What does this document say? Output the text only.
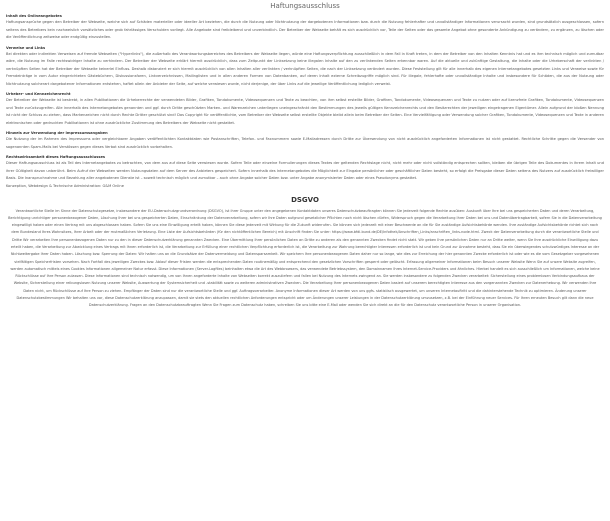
Haftungsausschluss
Inhalt des Onlineangebotes
Haftungsansprüche gegen den Betreiber der Webseite, welche sich auf Schäden materieller oder ideeller Art beziehen, die durch die Nutzung oder Nichtnutzung der dargebotenen Informationen bzw. durch die Nutzung fehlerhafter und unvollständiger Informationen verursacht wurden, sind grundsätzlich ausgeschlossen, sofern seitens des Betreibers kein nachweislich vorsätzliches oder grob fahrlässiges Verschulden vorliegt. Alle Angebote sind freibleibend und unverbindlich. Der Betreiber der Webseite behält es sich ausdrücklich vor, Teile der Seiten oder das gesamte Angebot ohne gesonderte Ankündigung zu verändern, zu ergänzen, zu löschen oder die Veröffentlichung zeitweise oder endgültig einzustellen.
Verweise und Links
Bei direkten oder indirekten Verweisen auf fremde Webseiten ("Hyperlinks"), die außerhalb des Verantwortungsbereiches des Betreibers der Webseite liegen, würde eine Haftungsverpflichtung ausschließlich in dem Fall in Kraft treten, in dem der Betreiber von den Inhalten Kenntnis hat und es ihm technisch möglich und zumutbar wäre, die Nutzung im Falle rechtswidriger Inhalte zu verhindern. Der Betreiber der Webseite erklärt hiermit ausdrücklich, dass zum Zeitpunkt der Linksetzung keine illegalen Inhalte auf den zu verlinkenden Seiten erkennbar waren. Auf die aktuelle und zukünftige Gestaltung, die Inhalte oder die Urheberschaft der verlinkten / verknüpften Seiten hat der Betreiber der Webseite keinerlei Einfluss. Deshalb distanziert er sich hiermit ausdrücklich von allen Inhalten aller verlinkten / verknüpften Seiten, die nach der Linksetzung verändert wurden. Diese Feststellung gilt für alle innerhalb des eigenen Internetangebotes gesetzten Links und Verweise sowie für Fremdeinträge in vom Autor eingerichteten Gästebüchern, Diskussionsforen, Linkverzeichnissen, Mailinglisten und in allen anderen Formen von Datenbanken, auf deren Inhalt externe Schreibzugriffe möglich sind. Für illegale, fehlerhafte oder unvollständige Inhalte und insbesondere für Schäden, die aus der Nutzung oder Nichtnutzung solcherart dargebotener Informationen entstehen, haftet allein der Anbieter der Seite, auf welche verwiesen wurde, nicht derjenige, der über Links auf die jeweilige Veröffentlichung lediglich verweist.
Urheber- und Kennzeichenrecht
Der Betreiber der Webseite ist bestrebt, in allen Publikationen die Urheberrechte der verwendeten Bilder, Grafiken, Tondokumente, Videosequenzen und Texte zu beachten, von ihm selbst erstellte Bilder, Grafiken, Tondokumente, Videosequenzen und Texte zu nutzen oder auf lizenzfreie Grafiken, Tondokumente, Videosequenzen und Texte zurückzugreifen. Alle innerhalb des Internetangebotes genannten und ggf. durch Dritte geschützten Marken- und Warenzeichen unterliegen uneingeschränkt den Bestimmungen des jeweils gültigen Kennzeichenrechts und den Besitzrechten der jeweiligen eingetragenen Eigentümer. Allein aufgrund der bloßen Nennung ist nicht der Schluss zu ziehen, dass Markenzeichen nicht durch Rechte Dritter geschützt sind! Das Copyright für veröffentlichte, vom Betreiber der Webseite selbst erstellte Objekte bleibt allein beim Betreiber der Seiten. Eine Vervielfältigung oder Verwendung solcher Grafiken, Tondokumente, Videosequenzen und Texte in anderen elektronischen oder gedruckten Publikationen ist ohne ausdrückliche Zustimmung des Betreibers der Webseite nicht gestattet.
Hinweis zur Verwendung der Impressumsangaben
Die Nutzung der im Rahmen des Impressums oder vergleichbarer Angaben veröffentlichten Kontaktdaten wie Postanschriften, Telefon- und Faxnummern sowie E-Mailadressen durch Dritte zur Übersendung von nicht ausdrücklich angeforderten Informationen ist nicht gestattet. Rechtliche Schritte gegen die Versender von sogenannten Spam-Mails bei Verstössen gegen dieses Verbot sind ausdrücklich vorbehalten.
Rechtswirksamkeit dieses Haftungsausschlusses
Dieser Haftungsausschluss ist als Teil des Internetangebotes zu betrachten, von dem aus auf diese Seite verwiesen wurde. Sofern Teile oder einzelne Formulierungen dieses Textes der geltenden Rechtslage nicht, nicht mehr oder nicht vollständig entsprechen sollten, bleiben die übrigen Teile des Dokumentes in ihrem Inhalt und ihrer Gültigkeit davon unberührt. Beim Aufruf der Webseiten werden Nutzungsdaten auf dem Server des Anbieters gespeichert. Sofern innerhalb des Internetangebotes die Möglichkeit zur Eingabe persönlicher oder geschäftlicher Daten besteht, so erfolgt die Preisgabe dieser Daten seitens des Nutzers auf ausdrücklich freiwilliger Basis. Die Inanspruchnahme und Bezahlung aller angebotenen Dienste ist – soweit technisch möglich und zumutbar – auch ohne Angabe solcher Daten bzw. unter Angabe anonymisierter Daten oder eines Pseudonyms gestattet.
Konzeption, Webdesign & Technische Administration: G&M Online
DSGVO
Verantwortliche Stelle im Sinne der Datenschutzgesetze, insbesondere der EU-Datenschutzgrundverordnung (DSGVO), ist ihrer Gruppe unter den angegebenen Kontaktdaten unseres Datenschutzbeauftragten können Sie jederzeit folgende Rechte ausüben: Auskunft über Ihre bei uns gespeicherten Daten und deren Verarbeitung, Berichtigung unrichtiger personenbezogener Daten, Löschung Ihrer bei uns gespeicherten Daten, Einschränkung der Datenverarbeitung, sofern wir Ihre Daten aufgrund gesetzlicher Pflichten noch nicht löschen dürfen, Widerspruch gegen die Verarbeitung Ihrer Daten bei uns und Datenübertragbarkeit, sofern Sie in die Datenverarbeitung eingewilligt haben oder einen Vertrag mit uns abgeschlossen haben. Sofern Sie uns eine Einwilligung erteilt haben, können Sie diese jederzeit mit Wirkung für die Zukunft widerrufen. Sie können sich jederzeit mit einer Beschwerde an die für Sie zuständige Aufsichtsbehörde wenden. Ihre zuständige Aufsichtsbehörde richtet sich nach dem Bundesland Ihres Wohnsitzes, Ihrer Arbeit oder der mutmaßlichen Verletzung. Eine Liste der Aufsichtsbehörden (für den nichtöffentlichen Bereich) mit Anschrift finden Sie unter: https://www.bfdi.bund.de/DE/Infothek/Anschriften_Links/anschriften_links-node.html. Zweck der Datenverarbeitung durch die verantwortliche Stelle und Dritte Wir verarbeiten Ihre personenbezogenen Daten nur zu den in dieser Datenschutzerklärung genannten Zwecken. Eine Übermittlung Ihrer persönlichen Daten an Dritte zu anderen als den genannten Zwecken findet nicht statt. Wir geben Ihre persönlichen Daten nur an Dritte weiter, wenn Sie Ihre ausdrückliche Einwilligung dazu erteilt haben, die Verarbeitung zur Abwicklung eines Vertrags mit Ihnen erforderlich ist, die Verarbeitung zur Erfüllung einer rechtlichen Verpflichtung erforderlich ist, die Verarbeitung zur Wahrung berechtigter Interessen erforderlich ist und kein Grund zur Annahme besteht, dass Sie ein überwiegendes schutzwürdiges Interesse an der Nichtweitergabe Ihrer Daten haben. Löschung bzw. Sperrung der Daten: Wir halten uns an die Grundsätze der Datenvermeidung und Datensparsamkeit. Wir speichern Ihre personenbezogenen Daten daher nur so lange, wie dies zur Erreichung der hier genannten Zwecke erforderlich ist oder wie es die vom Gesetzgeber vorgesehenen vielfältigen Speicherfristen vorsehen. Nach Fortfall des jeweiligen Zweckes bzw. Ablauf dieser Fristen werden die entsprechenden Daten routinemäßig und entsprechend den gesetzlichen Vorschriften gesperrt oder gelöscht. Erfassung allgemeiner Informationen beim Besuch unserer Website Wenn Sie auf unsere Website zugreifen, werden automatisch mittels eines Cookies Informationen allgemeiner Natur erfasst. Diese Informationen (Server-Logfiles) beinhalten etwa die Art des Webbrowsers, das verwendete Betriebssystem, den Domainnamen Ihres Internet-Service-Providers und ähnliches. Hierbei handelt es sich ausschließlich um Informationen, welche keine Rückschlüsse auf Ihre Person zulassen. Diese Informationen sind technisch notwendig, um von Ihnen angeforderte Inhalte von Webseiten korrekt auszuliefern und fallen bei Nutzung des Internets zwingend an. Sie werden insbesondere zu folgenden Zwecken verarbeitet: Sicherstellung eines problemlosen Verbindungsaufbaus der Website, Sicherstellung einer reibungslosen Nutzung unserer Website, Auswertung der Systemsicherheit und -stabilität sowie zu weiteren administrativen Zwecken. Die Verarbeitung Ihrer personenbezogenen Daten basiert auf unserem berechtigten Interesse aus den vorgenannten Zwecken zur Datenerhebung. Wir verwenden Ihre Daten nicht, um Rückschlüsse auf Ihre Person zu ziehen. Empfänger der Daten sind nur die verantwortliche Stelle und ggf. Auftragsverarbeiter. Anonyme Informationen dieser Art werden von uns ggfs. statistisch ausgewertet, um unseren Internetauftritt und die dahinterstehende Technik zu optimieren. Änderung unserer Datenschutzbestimmungen Wir behalten uns vor, diese Datenschutzerklärung anzupassen, damit sie stets den aktuellen rechtlichen Anforderungen entspricht oder um Änderungen unserer Leistungen in der Datenschutzerklärung umzusetzen, z.B. bei der Einführung neuer Services. Für Ihren erneuten Besuch gilt dann die neue Datenschutzerklärung. Fragen an den Datenschutzbeauftragten Wenn Sie Fragen zum Datenschutz haben, schreiben Sie uns bitte eine E-Mail oder wenden Sie sich direkt an die für den Datenschutz verantwortliche Person in unserer Organisation.
